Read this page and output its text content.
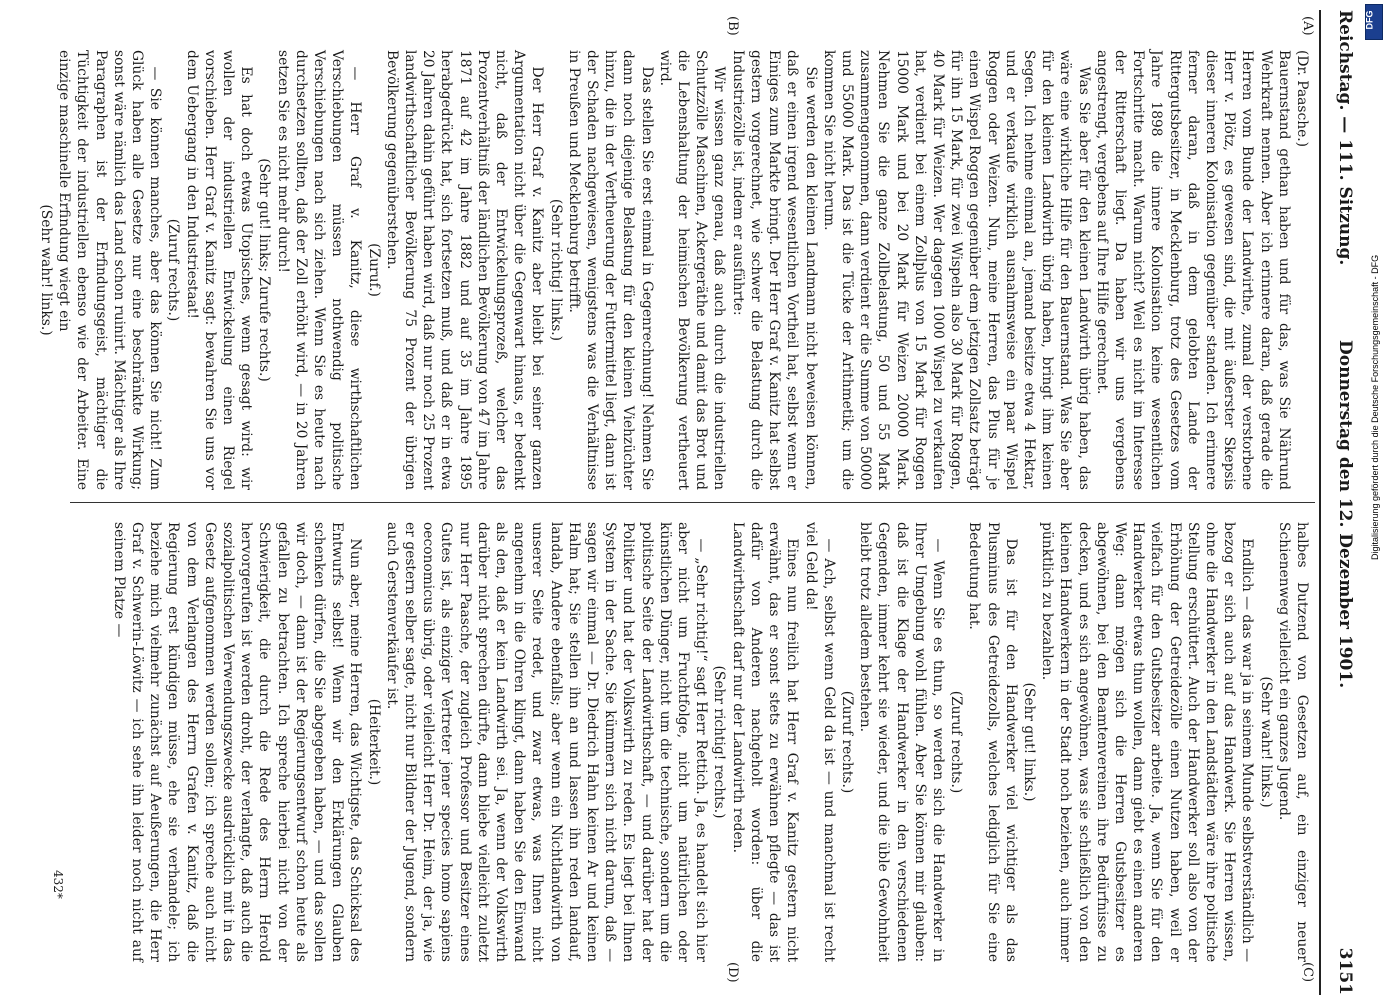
Reichstag. — 111. Sitzung.
Donnerstag den 12. Dezember 1901.
3151
(A)
(B)
(C)
(D)

(Dr. Paasche.)

Bauernstand gethan haben und für das, was Sie Nährund Wehrkraft nennen. Aber ich erinnere daran, daß gerade die Herren vom Bunde der Landwirthe, zumal der verstorbene Herr v. Plötz, es gewesen sind, die mit äußerster Skepsis dieser inneren Kolonisation gegenüber standen. Ich erinnere ferner daran, daß in dem gelobten Lande der Rittergutsbesitzer, in Mecklenburg, trotz des Gesetzes vom Jahre 1898 die innere Kolonisation keine wesentlichen Fortschritte macht. Warum nicht? Weil es nicht im Interesse der Ritterschaft liegt. Da haben wir uns vergebens angestrengt, vergebens auf Ihre Hilfe gerechnet.

Was Sie aber für den kleinen Landwirth übrig haben, das wäre eine wirkliche Hilfe für den Bauernstand. Was Sie aber für den kleinen Landwirth übrig haben, bringt ihm keinen Segen. Ich nehme einmal an, jemand besitze etwa 4 Hektar, und er verkaufe wirklich ausnahmsweise ein paar Wispel Roggen oder Weizen. Nun, meine Herren, das Plus für je einen Wispel Roggen gegenüber dem jetzigen Zollsatz beträgt für ihn 15 Mark, für zwei Wispeln also 30 Mark für Roggen, 40 Mark für Weizen. Wer dagegen 1000 Wispel zu verkaufen hat, verdient bei einem Zollplus von 15 Mark für Roggen 15000 Mark und bei 20 Mark für Weizen 20000 Mark. Nehmen Sie die ganze Zollbelastung, 50 und 55 Mark zusammengenommen, dann verdient er die Summe von 50000 und 55000 Mark. Das ist die Tücke der Arithmetik; um die kommen Sie nicht herum.

Sie werden den kleinen Landmann nicht beweisen können, daß er einen irgend wesentlichen Vortheil hat, selbst wenn er Einiges zum Markte bringt. Der Herr Graf v. Kanitz hat selbst gestern vorgerechnet, wie schwer die Belastung durch die Industriezölle ist, indem er ausführte:

Wir wissen ganz genau, daß auch durch die industriellen Schutzzölle Maschinen, Ackergeräthe und damit das Brot und die Lebenshaltung der heimischen Bevölkerung vertheuert wird.

Das stellen Sie erst einmal in Gegenrechnung! Nehmen Sie dann noch diejenige Belastung für den kleinen Viehzüchter hinzu, die in der Vertheuerung der Futtermittel liegt, dann ist der Schaden nachgewiesen, wenigstens was die Verhältnisse in Preußen und Mecklenburg betrifft.

(Sehr richtig! links.)

Der Herr Graf v. Kanitz aber bleibt bei seiner ganzen Argumentation nicht über die Gegenwart hinaus, er bedenkt nicht, daß der Entwickelungsprozeß, welcher das Prozentverhältniß der ländlichen Bevölkerung von 47 im Jahre 1871 auf 42 im Jahre 1882 und auf 35 im Jahre 1895 herabgedrückt hat, sich fortsetzen muß, und daß er in etwa 20 Jahren dahin geführt haben wird, daß nur noch 25 Prozent landwirthschaftlicher Bevölkerung 75 Prozent der übrigen Bevölkerung gegenüberstehen.

(Zuruf.)

— Herr Graf v. Kanitz, diese wirthschaftlichen Verschiebungen müssen nothwendig politische Verschiebungen nach sich ziehen. Wenn Sie es heute nach durchsetzen sollten, daß der Zoll erhöht wird, — in 20 Jahren setzen Sie es nicht mehr durch!

(Sehr gut! links; Zurufe rechts.)

Es hat doch etwas Utopisches, wenn gesagt wird: wir wollen der industriellen Entwickelung einen Riegel vorschieben. Herr Graf v. Kanitz sagt: bewahren Sie uns vor dem Uebergang in den Industriestaat!

(Zuruf rechts.)

— Sie können manches, aber das können Sie nicht! Zum Glück haben alle Gesetze nur eine beschränkte Wirkung; sonst wäre nämlich das Land schon ruinirt. Mächtiger als Ihre Paragraphen ist der Erfindungsgeist, mächtiger die Tüchtigkeit der industriellen ebenso wie der Arbeiter. Eine einzige maschinelle Erfindung wiegt ein

(Sehr wahr! links.)

halbes Dutzend von Gesetzen auf, ein einziger neuer Schienenweg vielleicht ein ganzes Jugend.

(Sehr wahr! links.)

Endlich — das war ja in seinem Munde selbstverständlich — bezog er sich auch auf das Handwerk. Sie Herren wissen, ohne die Handwerker in den Landstädten wäre ihre politische Stellung erschüttert. Auch der Handwerker soll also von der Erhöhung der Getreidezölle einen Nutzen haben, weil er vielfach für den Gutsbesitzer arbeite. Ja, wenn Sie für den Handwerker etwas thun wollen, dann giebt es einen anderen Weg: dann mögen sich die Herren Gutsbesitzer es abgewöhnen, bei den Beamtenvereinen ihre Bedürfnisse zu decken, und es sich angewöhnen, was sie schließlich von den kleinen Handwerkern in der Stadt noch beziehen, auch immer pünktlich zu bezahlen.

(Sehr gut! links.)

Das ist für den Handwerker viel wichtiger als das Plusminus des Getreidezolls, welches lediglich für Sie eine Bedeutung hat.

(Zuruf rechts.)

— Wenn Sie es thun, so werden sich die Handwerker in Ihrer Umgebung wohl fühlen. Aber Sie können mir glauben: daß ist die Klage der Handwerker in den verschiedenen Gegenden, immer kehrt sie wieder, und die üble Gewohnheit bleibt trotz alledem bestehen.

(Zuruf rechts.)

— Ach, selbst wenn Geld da ist — und manchmal ist recht viel Geld da!

Eines nun freilich hat Herr Graf v. Kanitz gestern nicht erwähnt, das er sonst stets zu erwähnen pflegte — das ist dafür von Anderen nachgeholt worden: über die Landwirthschaft darf nur der Landwirth reden.

(Sehr richtig! rechts.)

— „Sehr richtig!“ sagt Herr Rettich. Ja, es handelt sich hier aber nicht um Fruchtfolge, nicht um natürlichen oder künstlichen Dünger, nicht um die technische, sondern um die politische Seite der Landwirthschaft, — und darüber hat der Politiker und hat der Volkswirth zu reden. Es liegt bei Ihnen System in der Sache. Sie kümmern sich nicht darum, daß — sagen wir einmal — Dr. Diedrich Hahn keinen Ar und keinen Halm hat; Sie stellen ihn an und lassen ihn reden landauf, landab, Andere ebenfalls; aber wenn ein Nichtlandwirth von unserer Seite redet, und zwar etwas, was Ihnen nicht angenehm in die Ohren klingt, dann haben Sie den Einwand als den, daß er kein Landwirth sei. Ja, wenn der Volkswirth darüber nicht sprechen dürfte, dann bliebe vielleicht zuletzt nur Herr Paasche, der zugleich Professor und Besitzer eines Gutes ist, als einziger Vertreter jener species homo sapiens oeconomicus übrig, oder vielleicht Herr Dr. Heim, der ja, wie er gestern selber sagte, nicht nur Bildner der Jugend, sondern auch Gerstenverkäufer ist.

(Heiterkeit.)

Nun aber, meine Herren, das Wichtigste, das Schicksal des Entwurfs selbst! Wenn wir den Erklärungen Glauben schenken dürfen, die Sie abgegeben haben, — und das sollen wir doch, — dann ist der Regierungsentwurf schon heute als gefallen zu betrachten. Ich spreche hierbei nicht von der Schwierigkeit, die durch die Rede des Herrn Herold hervorgerufen ist werden droht, der verlangte, daß auch die sozialpolitischen Verwendungszwecke ausdrücklich mit in das Gesetz aufgenommen werden sollen; ich spreche auch nicht von dem Verlangen des Herrn Grafen v. Kanitz, daß die Regierung erst kündigen müsse, ehe sie verhandele; ich beziehe mich vielmehr zunächst auf Aeußerungen, die Herr Graf v. Schwerin-Löwitz — ich sehe ihn leider noch nicht auf seinem Platze —

432*
DFG
Digitalisierung gefördert durch die Deutsche Forschungsgemeinschaft - DFG
